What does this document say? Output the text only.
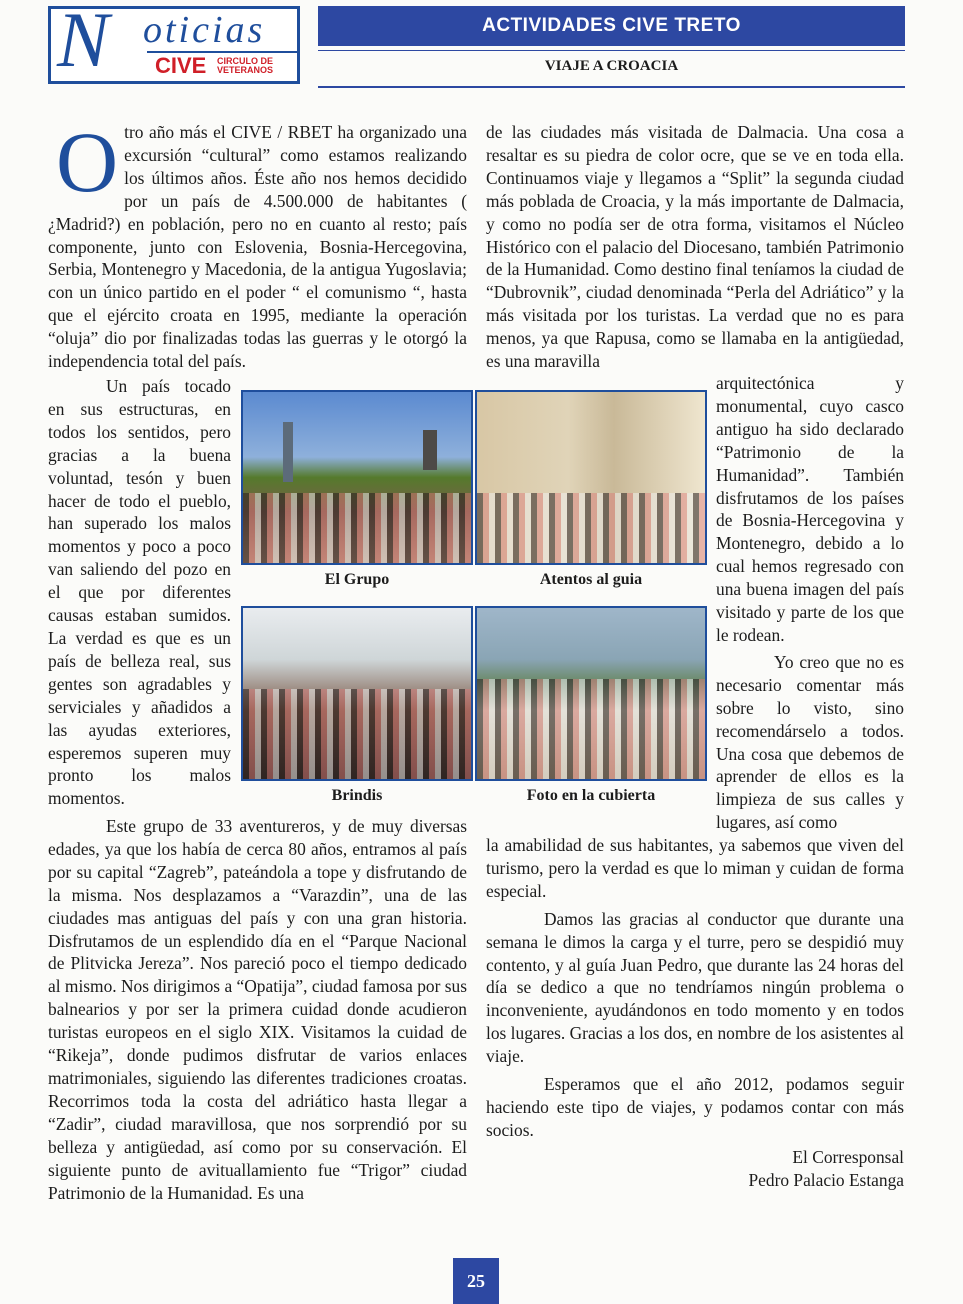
N oticias
CIVE CIRCULO DE
VETERANOS
ACTIVIDADES CIVE TRETO
VIAJE A CROACIA
O tro año más el CIVE / RBET ha organizado una excursión “cultural” como estamos realizando los últimos años. Éste año nos hemos decidido por un país de 4.500.000 de habitantes ( ¿Madrid?) en población, pero no en cuanto al resto; país componente, junto con Eslovenia, Bosnia-Hercegovina, Serbia, Montenegro y Macedonia, de la antigua Yugoslavia; con un único partido en el poder “ el comunismo “, hasta que el ejército croata en 1995, mediante la operación “oluja” dio por finalizadas todas las guerras y le otorgó la independencia total del país.

Un país tocado en sus estructuras, en todos los sentidos, pero gracias a la buena voluntad, tesón y buen hacer de todo el pueblo, han superado los malos momentos y poco a poco van saliendo del pozo en el que por diferentes causas estaban sumidos. La verdad es que es un país de belleza real, sus gentes son agradables y serviciales y añadidos a las ayudas exteriores, esperemos superen muy pronto los malos momentos.

Este grupo de 33 aventureros, y de muy diversas edades, ya que los había de cerca 80 años, entramos al país por su capital “Zagreb”, pateándola a tope y disfrutando de la misma. Nos desplazamos a “Varazdin”, una de las ciudades mas antiguas del país y con una gran historia. Disfrutamos de un esplendido día en el “Parque Nacional de Plitvicka Jereza”. Nos pareció poco el tiempo dedicado al mismo. Nos dirigimos a “Opatija”, ciudad famosa por sus balnearios y por ser la primera cuidad donde acudieron turistas europeos en el siglo XIX. Visitamos la cuidad de “Rikeja”, donde pudimos disfrutar de varios enlaces matrimoniales, siguiendo las diferentes tradiciones croatas. Recorrimos toda la costa del adriático hasta llegar a “Zadir”, ciudad maravillosa, que nos sorprendió por su belleza y antigüedad, así como por su conservación. El siguiente punto de avituallamiento fue “Trigor” ciudad Patrimonio de la Humanidad. Es una

de las ciudades más visitada de Dalmacia. Una cosa a resaltar es su piedra de color ocre, que se ve en toda ella. Continuamos viaje y llegamos a “Split” la segunda ciudad más poblada de Croacia, y la más importante de Dalmacia, y como no podía ser de otra forma, visitamos el Núcleo Histórico con el palacio del Diocesano, también Patrimonio de la Humanidad. Como destino final teníamos la ciudad de “Dubrovnik”, ciudad denominada “Perla del Adriático” y la más visitada por los turistas. La verdad que no es para menos, ya que Rapusa, como se llamaba en la antigüedad, es una maravilla

arquitectónica y monumental, cuyo casco antiguo ha sido declarado “Patrimonio de la Humanidad”. También disfrutamos de los países de Bosnia-Hercegovina y Montenegro, debido a lo cual hemos regresado con una buena imagen del país visitado y parte de los que le rodean.

Yo creo que no es necesario comentar más sobre lo visto, sino recomendárselo a todos. Una cosa que debemos de aprender de ellos es la limpieza de sus calles y lugares, así como

la amabilidad de sus habitantes, ya sabemos que viven del turismo, pero la verdad es que lo miman y cuidan de forma especial.

Damos las gracias al conductor que durante una semana le dimos la carga y el turre, pero se despidió muy contento, y al guía Juan Pedro, que durante las 24 horas del día se dedico a que no tendríamos ningún problema o inconveniente, ayudándonos en todo momento y en todos los lugares. Gracias a los dos, en nombre de los asistentes al viaje.

Esperamos que el año 2012, podamos seguir haciendo este tipo de viajes, y podamos contar con más socios.

El Corresponsal
Pedro Palacio Estanga
El Grupo	Atentos al guia
Brindis	Foto en la cubierta
25
